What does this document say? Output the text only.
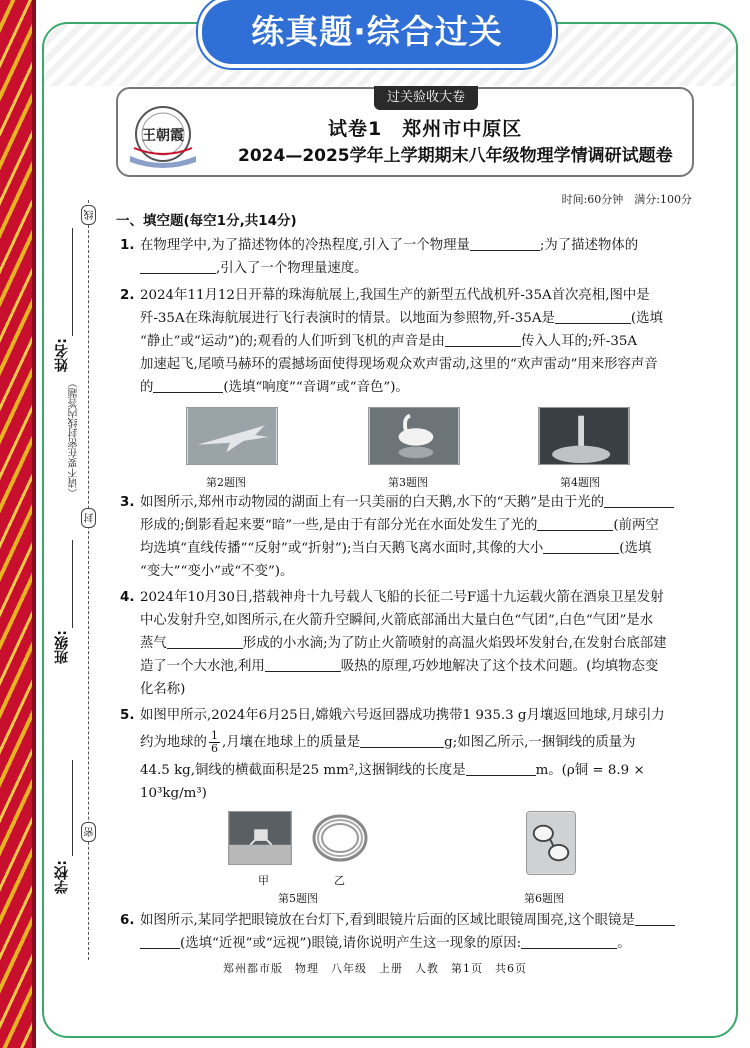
练真题·综合过关
过关验收大卷
王朝霞	试卷1　郑州市中原区
2024—2025学年上学期期末八年级物理学情调研试题卷
时间:60分钟　满分:100分
线
封
密
（请不要在密封线内答题）
姓名:
班级:
学校:
一、填空题(每空1分,共14分)
1. 在物理学中,为了描述物体的冷热程度,引入了一个物理量	;为了描述物体的
,引入了一个物理量速度。
2. 2024年11月12日开幕的珠海航展上,我国生产的新型五代战机歼-35A首次亮相,图中是
歼-35A在珠海航展进行飞行表演时的情景。以地面为参照物,歼-35A是	(选填
“静止”或“运动”)的;观看的人们听到飞机的声音是由	传入人耳的;歼-35A
加速起飞,尾喷马赫环的震撼场面使得现场观众欢声雷动,这里的“欢声雷动”用来形容声音
的	(选填“响度”“音调”或“音色”)。
第2题图	第3题图	第4题图
3. 如图所示,郑州市动物园的湖面上有一只美丽的白天鹅,水下的“天鹅”是由于光的
形成的;倒影看起来要“暗”一些,是由于有部分光在水面处发生了光的	(前两空
均选填“直线传播”“反射”或“折射”);当白天鹅飞离水面时,其像的大小	(选填
“变大”“变小”或“不变”)。
4. 2024年10月30日,搭载神舟十九号载人飞船的长征二号F遥十九运载火箭在酒泉卫星发射
中心发射升空,如图所示,在火箭升空瞬间,火箭底部涌出大量白色“气团”,白色“气团”是水
蒸气	形成的小水滴;为了防止火箭喷射的高温火焰毁坏发射台,在发射台底部建
造了一个大水池,利用	吸热的原理,巧妙地解决了这个技术问题。(均填物态变
化名称)
5. 如图甲所示,2024年6月25日,嫦娥六号返回器成功携带1 935.3 g月壤返回地球,月球引力
约为地球的 $\frac{1}{6}$ ,月壤在地球上的质量是	g;如图乙所示,一捆铜线的质量为
44.5 kg,铜线的横截面积是25 mm²,这捆铜线的长度是	m。(ρ铜 = 8.9 × 10³kg/m³)
甲	乙
第5题图	第6题图
6. 如图所示,某同学把眼镜放在台灯下,看到眼镜片后面的区域比眼镜周围亮,这个眼镜是
(选填“近视”或“远视”)眼镜,请你说明产生这一现象的原因:	。
郑州都市版　物理　八年级　上册　人教　第1页　共6页
